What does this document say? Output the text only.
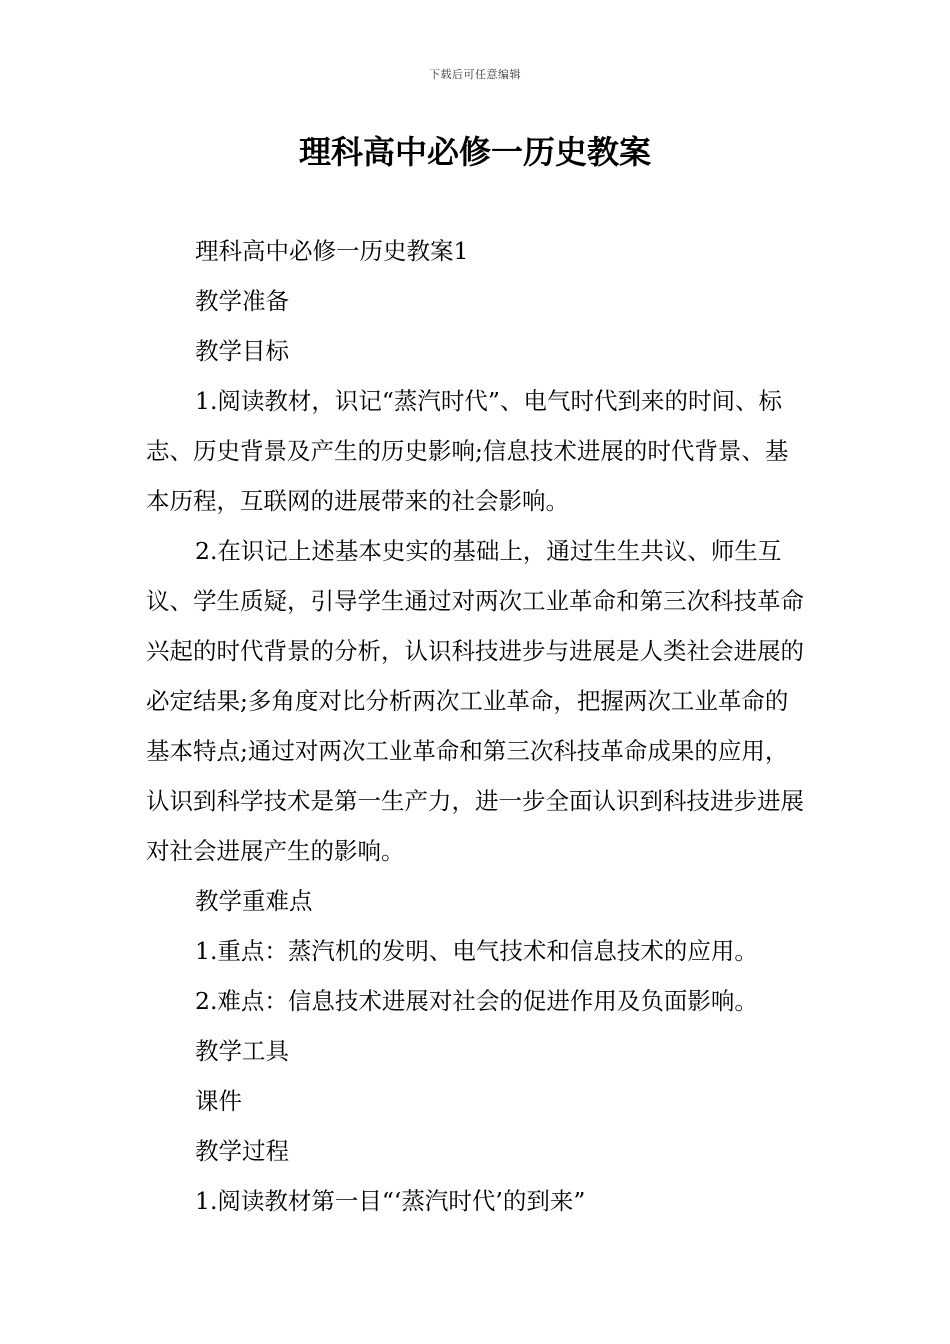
下载后可任意编辑
理科高中必修一历史教案

理科高中必修一历史教案1

教学准备

教学目标

1.阅读教材，识记“蒸汽时代”、电气时代到来的时间、标志、历史背景及产生的历史影响;信息技术进展的时代背景、基本历程，互联网的进展带来的社会影响。

2.在识记上述基本史实的基础上，通过生生共议、师生互议、学生质疑，引导学生通过对两次工业革命和第三次科技革命兴起的时代背景的分析，认识科技进步与进展是人类社会进展的必定结果;多角度对比分析两次工业革命，把握两次工业革命的基本特点;通过对两次工业革命和第三次科技革命成果的应用，认识到科学技术是第一生产力，进一步全面认识到科技进步进展对社会进展产生的影响。

教学重难点

1.重点：蒸汽机的发明、电气技术和信息技术的应用。

2.难点：信息技术进展对社会的促进作用及负面影响。

教学工具

课件

教学过程

1.阅读教材第一目“‘蒸汽时代’的到来”
